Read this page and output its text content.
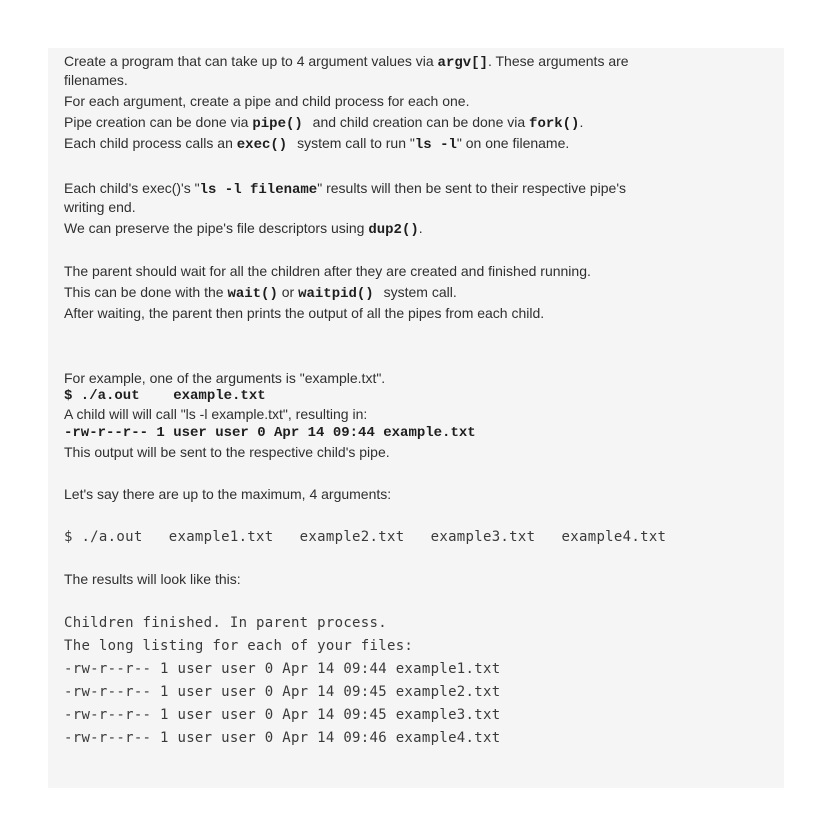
Create a program that can take up to 4 argument values via argv[]. These arguments are
filenames.
For each argument, create a pipe and child process for each one.
Pipe creation can be done via pipe() and child creation can be done via fork().
Each child process calls an exec() system call to run "ls -l" on one filename.
Each child's exec()'s "ls -l filename" results will then be sent to their respective pipe's
writing end.
We can preserve the pipe's file descriptors using dup2().
The parent should wait for all the children after they are created and finished running.
This can be done with the wait() or waitpid() system call.
After waiting, the parent then prints the output of all the pipes from each child.
For example, one of the arguments is "example.txt".
$ ./a.out    example.txt
A child will will call "ls -l example.txt", resulting in:
-rw-r--r-- 1 user user 0 Apr 14 09:44 example.txt
This output will be sent to the respective child's pipe.
Let's say there are up to the maximum, 4 arguments:
$ ./a.out   example1.txt   example2.txt   example3.txt   example4.txt
The results will look like this:
Children finished. In parent process.
The long listing for each of your files:
-rw-r--r-- 1 user user 0 Apr 14 09:44 example1.txt
-rw-r--r-- 1 user user 0 Apr 14 09:45 example2.txt
-rw-r--r-- 1 user user 0 Apr 14 09:45 example3.txt
-rw-r--r-- 1 user user 0 Apr 14 09:46 example4.txt
